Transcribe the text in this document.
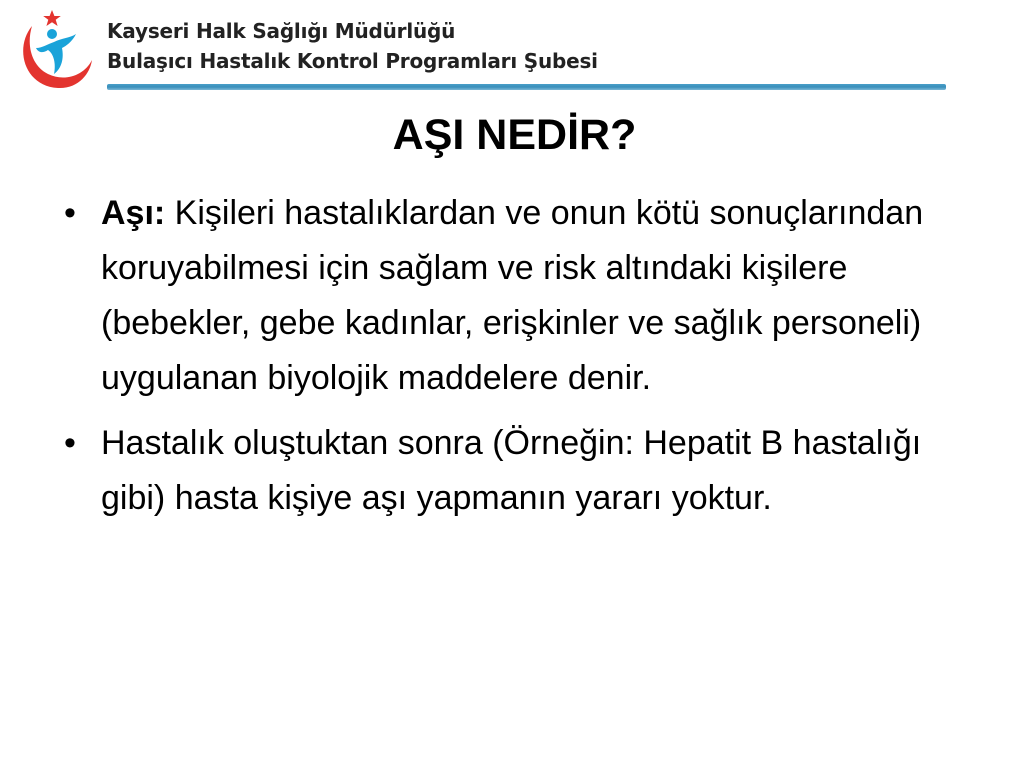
Kayseri Halk Sağlığı Müdürlüğü
Bulaşıcı Hastalık Kontrol Programları Şubesi
AŞI NEDİR?
• Aşı: Kişileri hastalıklardan ve onun kötü sonuçlarından koruyabilmesi için sağlam ve risk altındaki kişilere (bebekler, gebe kadınlar, erişkinler ve sağlık personeli) uygulanan biyolojik maddelere denir.
• Hastalık oluştuktan sonra (Örneğin: Hepatit B hastalığı gibi) hasta kişiye aşı yapmanın yararı yoktur.
